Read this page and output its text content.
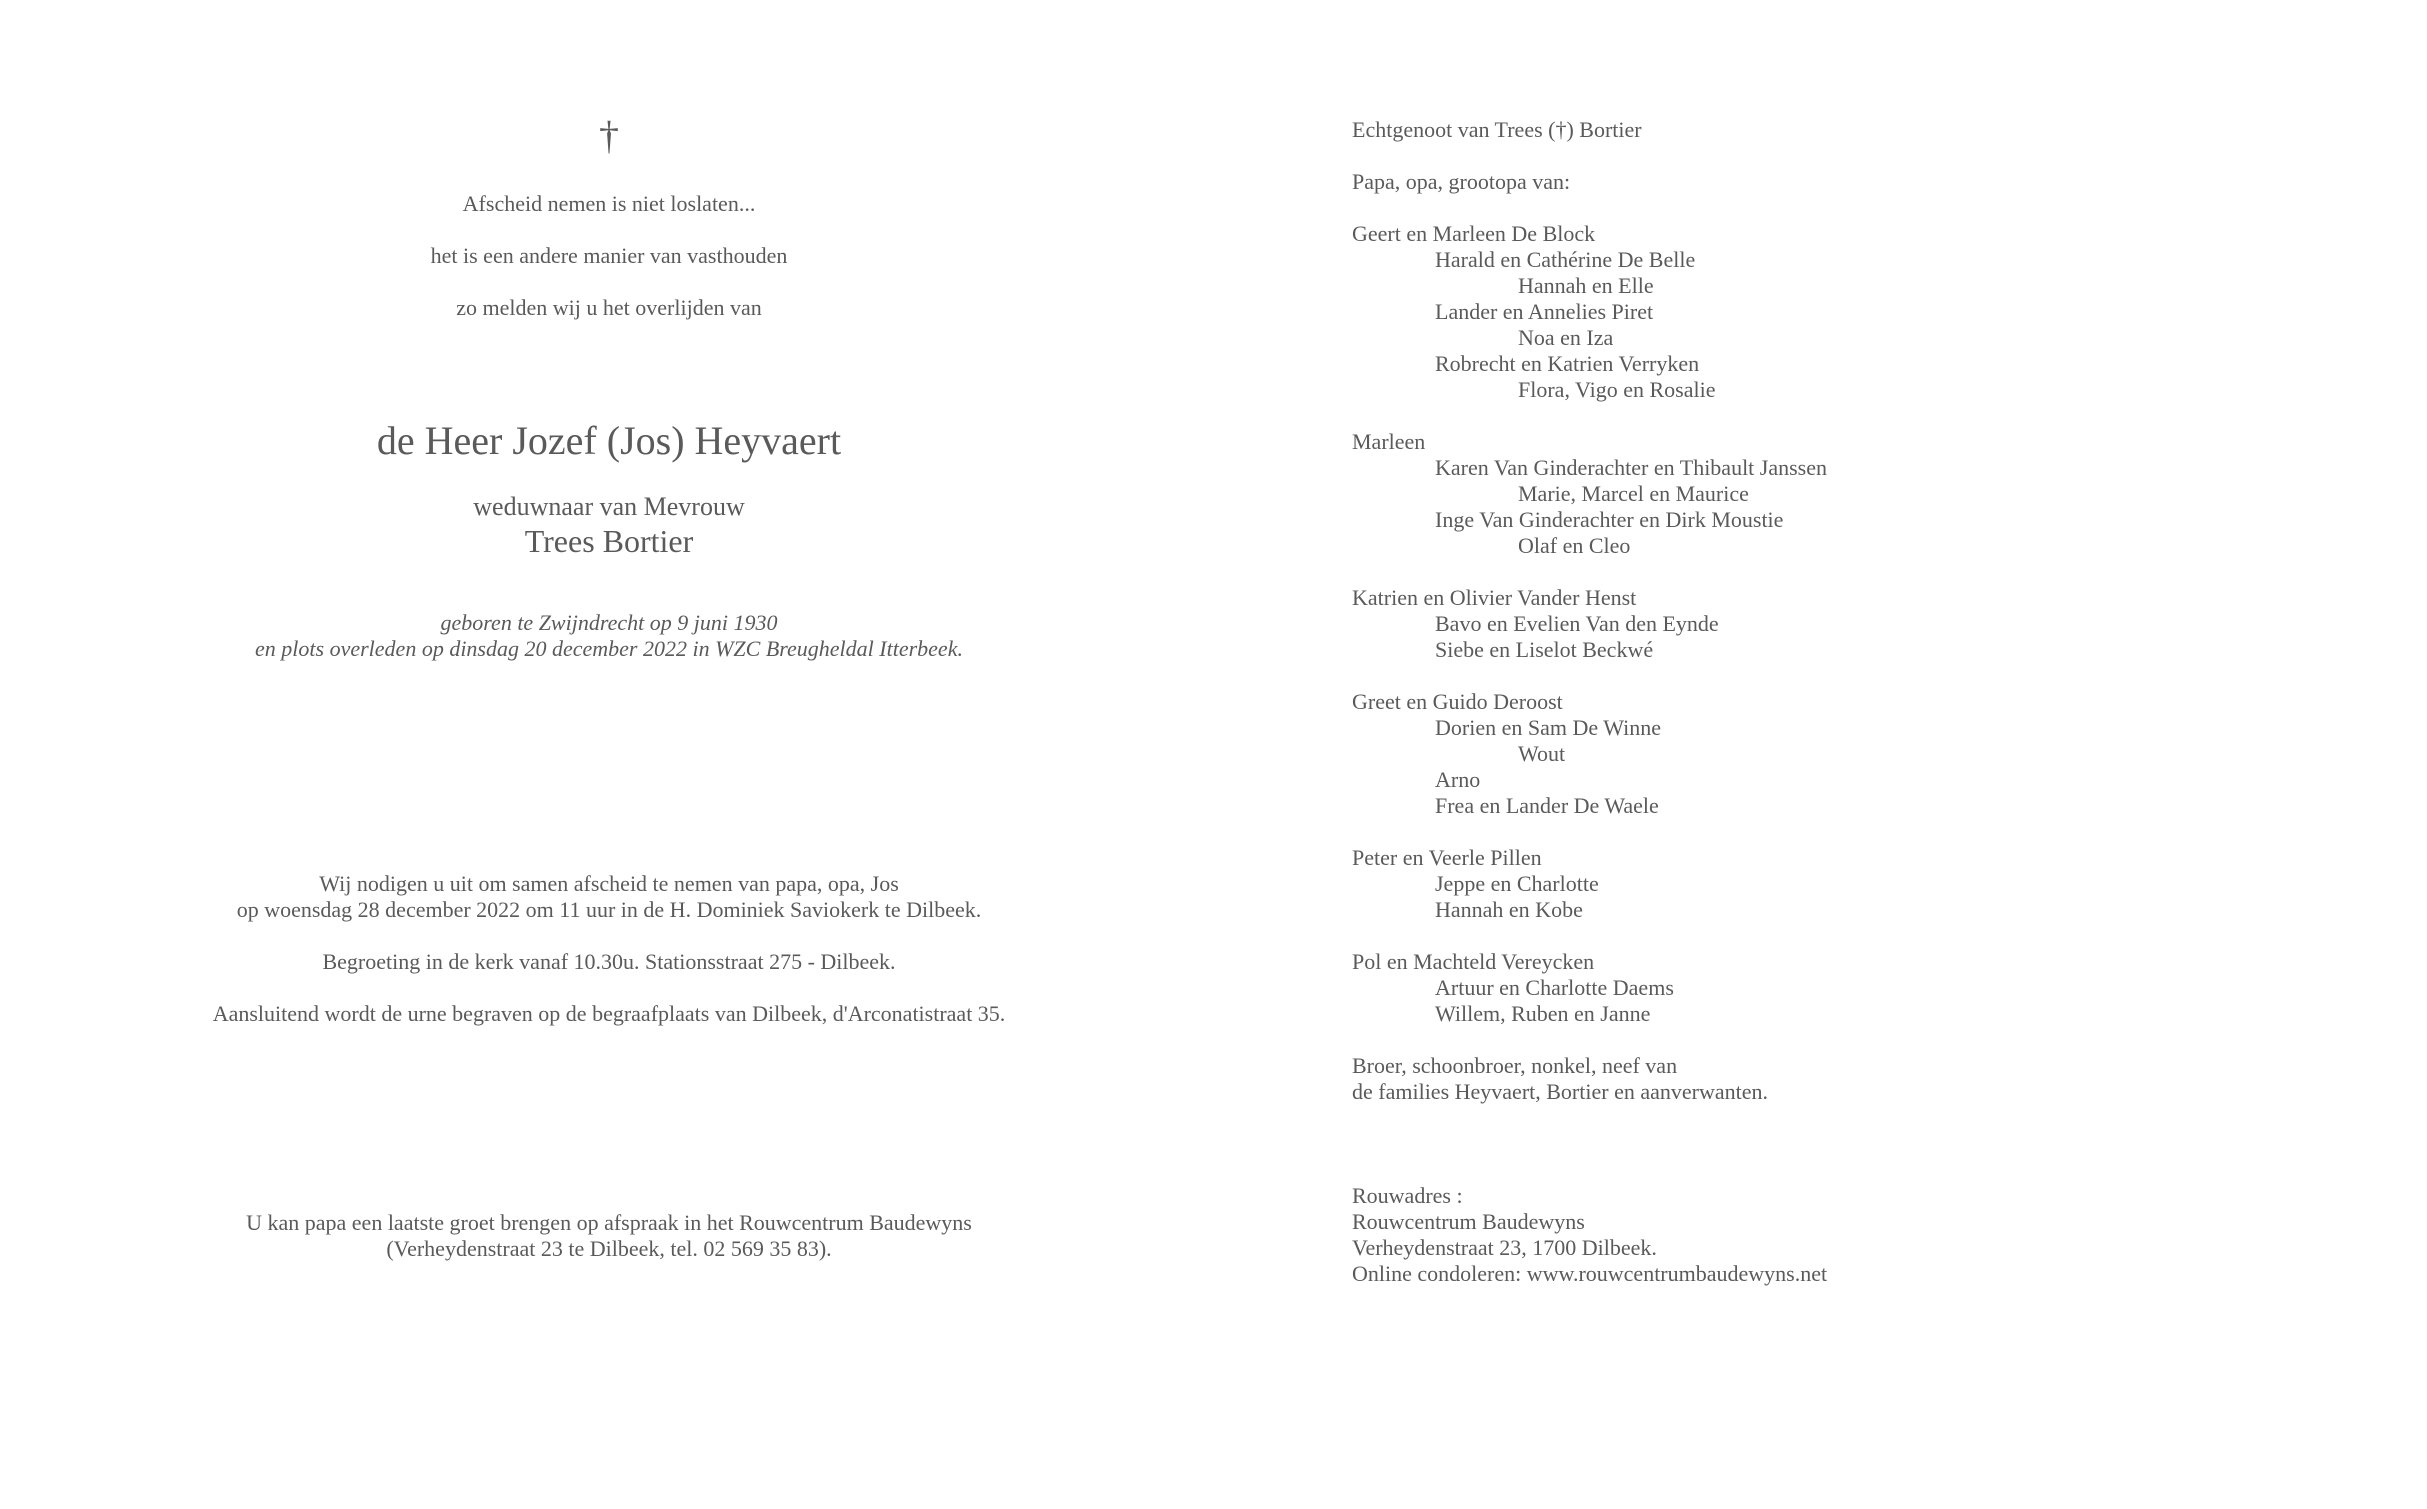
†
Afscheid nemen is niet loslaten...
het is een andere manier van vasthouden
zo melden wij u het overlijden van
de Heer Jozef (Jos) Heyvaert
weduwnaar van Mevrouw
Trees Bortier
geboren te Zwijndrecht op 9 juni 1930
en plots overleden op dinsdag 20 december 2022 in WZC Breugheldal Itterbeek.
Wij nodigen u uit om samen afscheid te nemen van papa, opa, Jos
op woensdag 28 december 2022 om 11 uur in de H. Dominiek Saviokerk te Dilbeek.
Begroeting in de kerk vanaf 10.30u. Stationsstraat 275 - Dilbeek.
Aansluitend wordt de urne begraven op de begraafplaats van Dilbeek, d'Arconatistraat 35.
U kan papa een laatste groet brengen op afspraak in het Rouwcentrum Baudewyns
(Verheydenstraat 23 te Dilbeek, tel. 02 569 35 83).
Echtgenoot van Trees (†) Bortier
Papa, opa, grootopa van:
Geert en Marleen De Block
Harald en Cathérine De Belle
Hannah en Elle
Lander en Annelies Piret
Noa en Iza
Robrecht en Katrien Verryken
Flora, Vigo en Rosalie
Marleen
Karen Van Ginderachter en Thibault Janssen
Marie, Marcel en Maurice
Inge Van Ginderachter en Dirk Moustie
Olaf en Cleo
Katrien en Olivier Vander Henst
Bavo en Evelien Van den Eynde
Siebe en Liselot Beckwé
Greet en Guido Deroost
Dorien en Sam De Winne
Wout
Arno
Frea en Lander De Waele
Peter en Veerle Pillen
Jeppe en Charlotte
Hannah en Kobe
Pol en Machteld Vereycken
Artuur en Charlotte Daems
Willem, Ruben en Janne
Broer, schoonbroer, nonkel, neef van
de families Heyvaert, Bortier en aanverwanten.
Rouwadres :
Rouwcentrum Baudewyns
Verheydenstraat 23, 1700 Dilbeek.
Online condoleren: www.rouwcentrumbaudewyns.net
